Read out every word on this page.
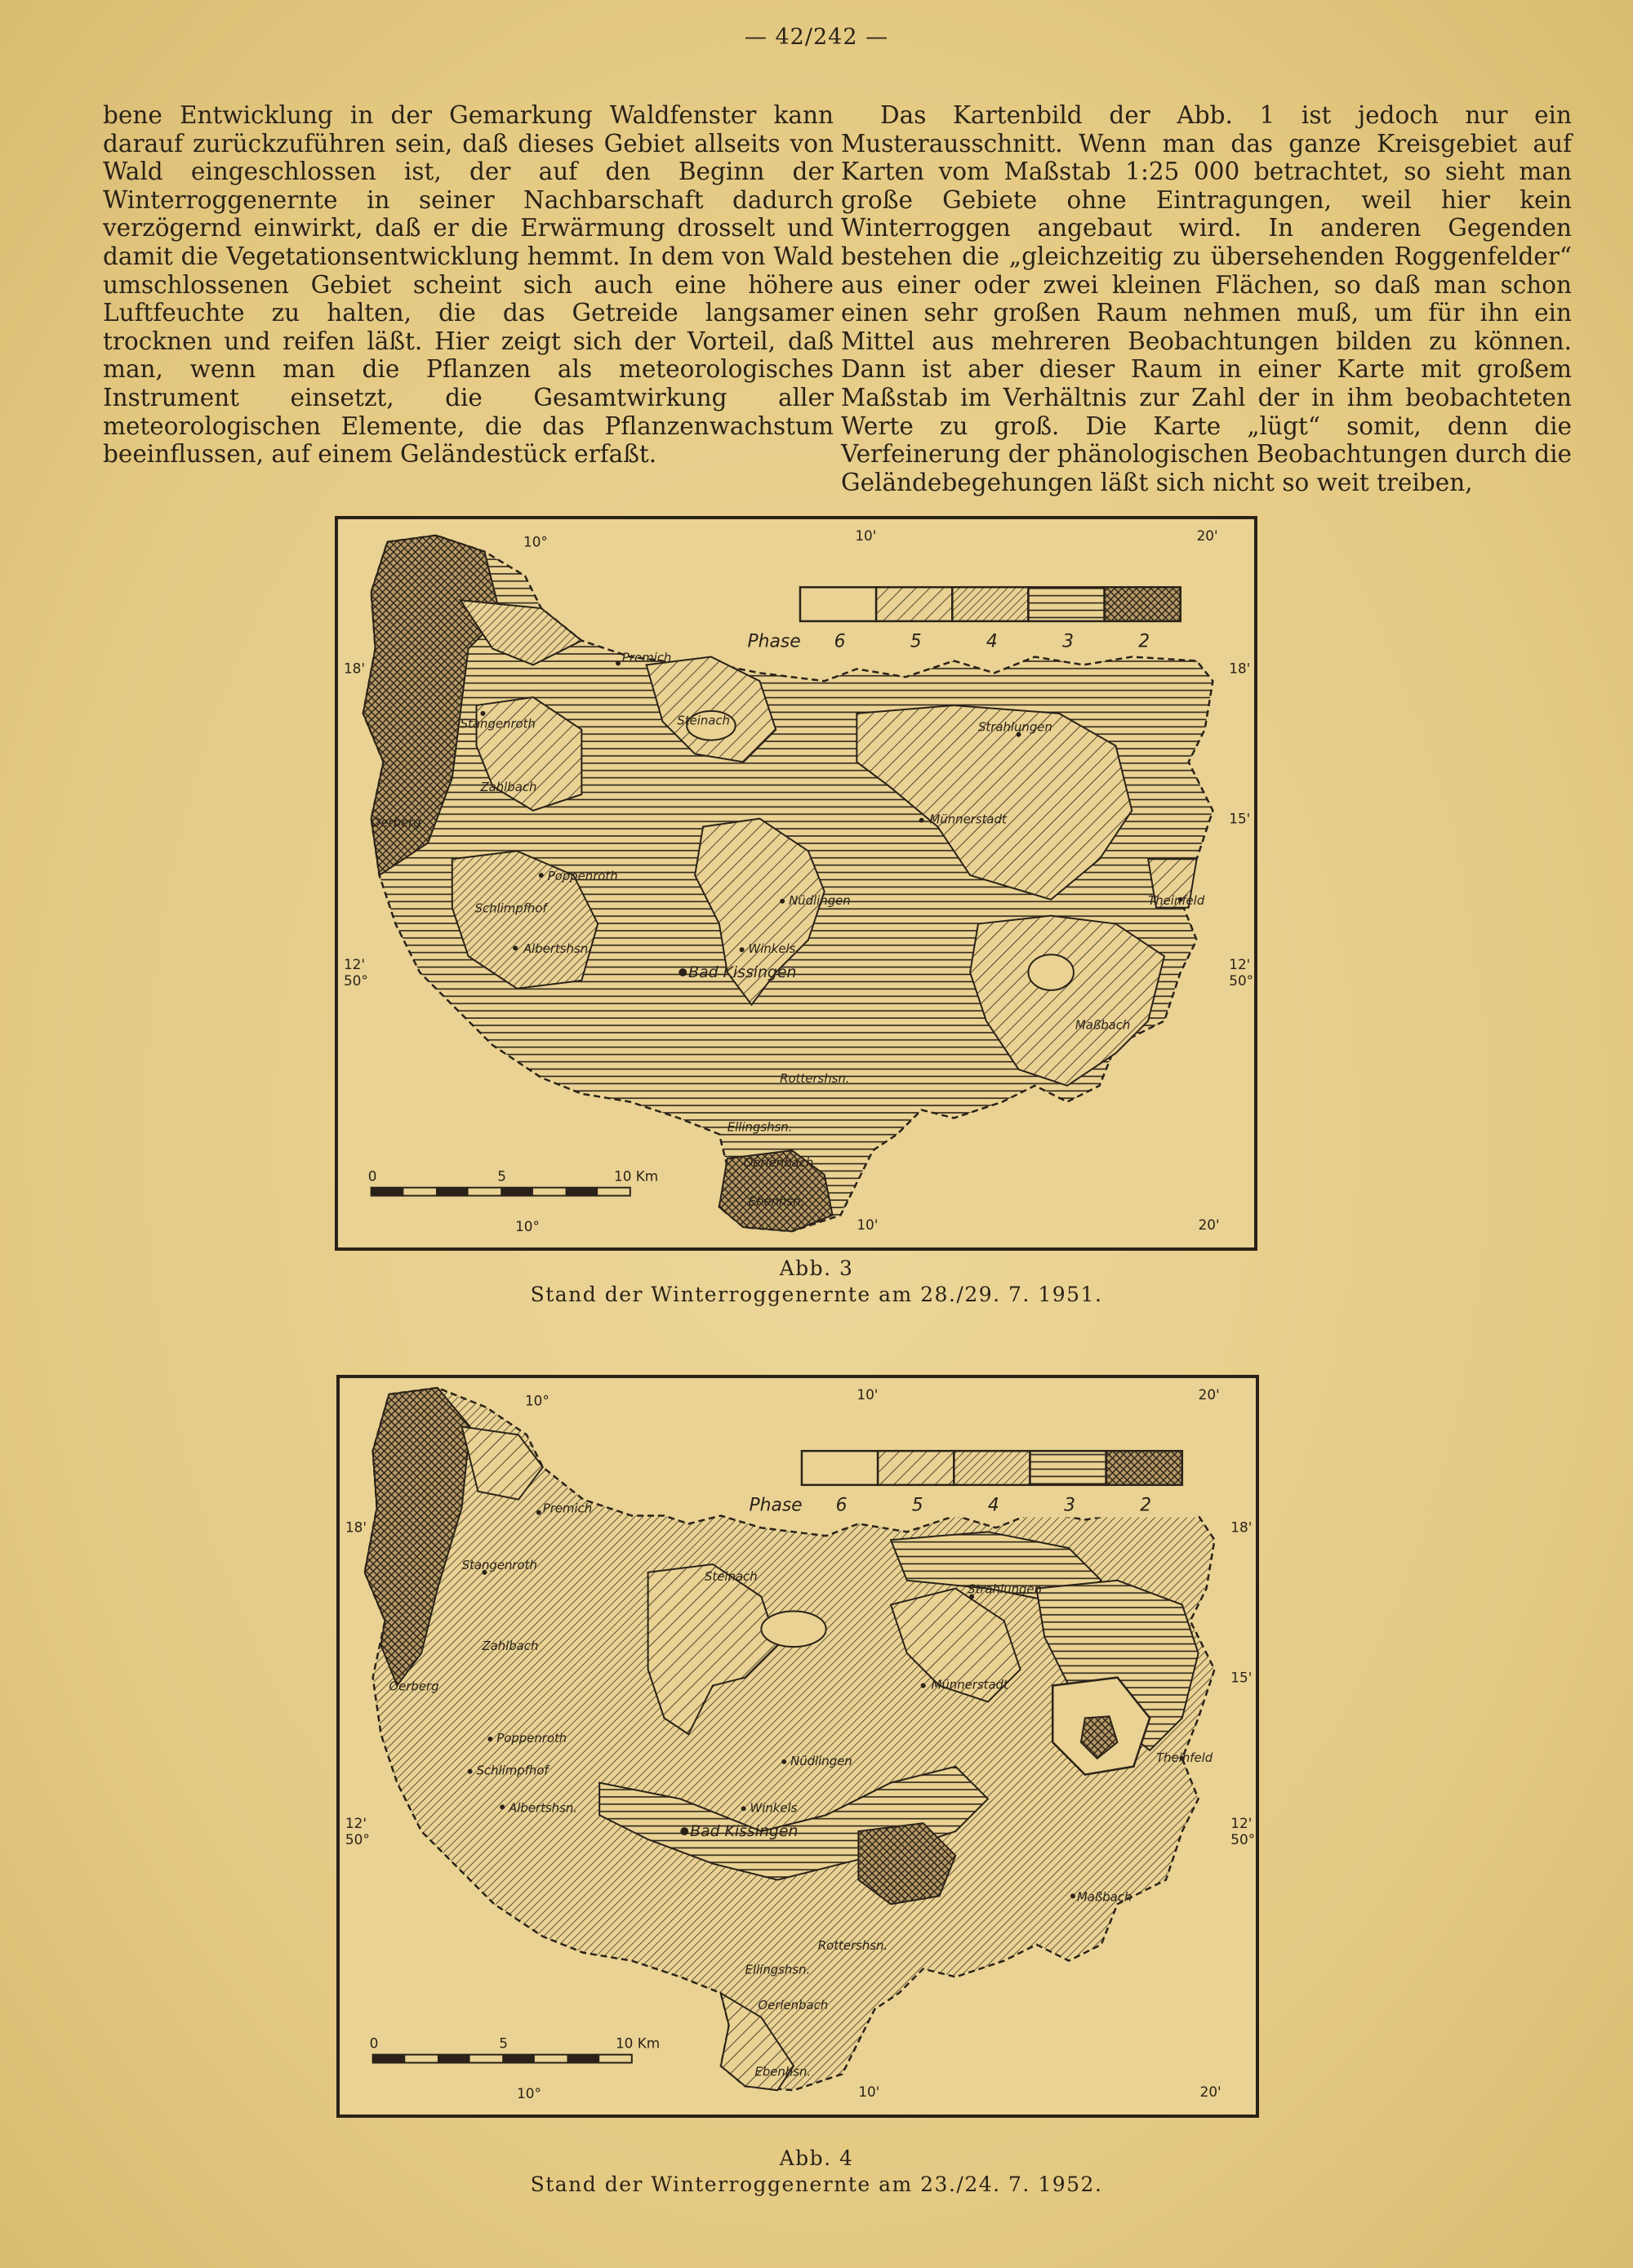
— 42/242 —

bene Entwicklung in der Gemarkung Waldfenster kann darauf zurückzuführen sein, daß dieses Gebiet allseits von Wald eingeschlossen ist, der auf den Beginn der Winterroggenernte in seiner Nachbarschaft dadurch verzögernd einwirkt, daß er die Erwärmung drosselt und damit die Vegetationsentwicklung hemmt. In dem von Wald umschlossenen Gebiet scheint sich auch eine höhere Luftfeuchte zu halten, die das Getreide langsamer trocknen und reifen läßt. Hier zeigt sich der Vorteil, daß man, wenn man die Pflanzen als meteorologisches Instrument einsetzt, die Gesamtwirkung aller meteorologischen Elemente, die das Pflanzenwachstum beeinflussen, auf einem Geländestück erfaßt.

Das Kartenbild der Abb. 1 ist jedoch nur ein Musterausschnitt. Wenn man das ganze Kreisgebiet auf Karten vom Maßstab 1:25 000 betrachtet, so sieht man große Gebiete ohne Eintragungen, weil hier kein Winterroggen angebaut wird. In anderen Gegenden bestehen die „gleichzeitig zu übersehenden Roggenfelder“ aus einer oder zwei kleinen Flächen, so daß man schon einen sehr großen Raum nehmen muß, um für ihn ein Mittel aus mehreren Beobachtungen bilden zu können. Dann ist aber dieser Raum in einer Karte mit großem Maßstab im Verhältnis zur Zahl der in ihm beobachteten Werte zu groß. Die Karte „lügt“ somit, denn die Verfeinerung der phänologischen Beobachtungen durch die Geländebegehungen läßt sich nicht so weit treiben,

Phase 6	5	4	3	2
10°	10'	20'
18'	18'
15'
12'
50°
12'
50°
10°	10'	20'
0	5	10 Km
Premich
Stangenroth	Steinach	Strahlungen
Zahlbach
Oerberg	Münnerstadt
Poppenroth
Schlimpfhof
Albertshsn.
Nüdlingen	Theinfeld
Winkels
Bad Kissingen
Maßbach
Rottershsn.
Ellingshsn.
Oerlenbach
Ebenhsn.
Abb. 3
Stand der Winterroggenernte am 28./29. 7. 1951.
Phase 6	5	4	3	2
10°	10'	20'
18'	18'
15'
12'
50°
12'
50°
10°	10'	20'
0	5	10 Km
Premich
Stangenroth
Steinach
Strahlungen
Zahlbach
Oerberg	Münnerstadt
Poppenroth
Schlimpfhof
Albertshsn.
Nüdlingen	Theinfeld
Winkels
Bad Kissingen
Maßbach
Rottershsn.
Ellingshsn.
Oerlenbach
Ebenhsn.
Abb. 4
Stand der Winterroggenernte am 23./24. 7. 1952.
